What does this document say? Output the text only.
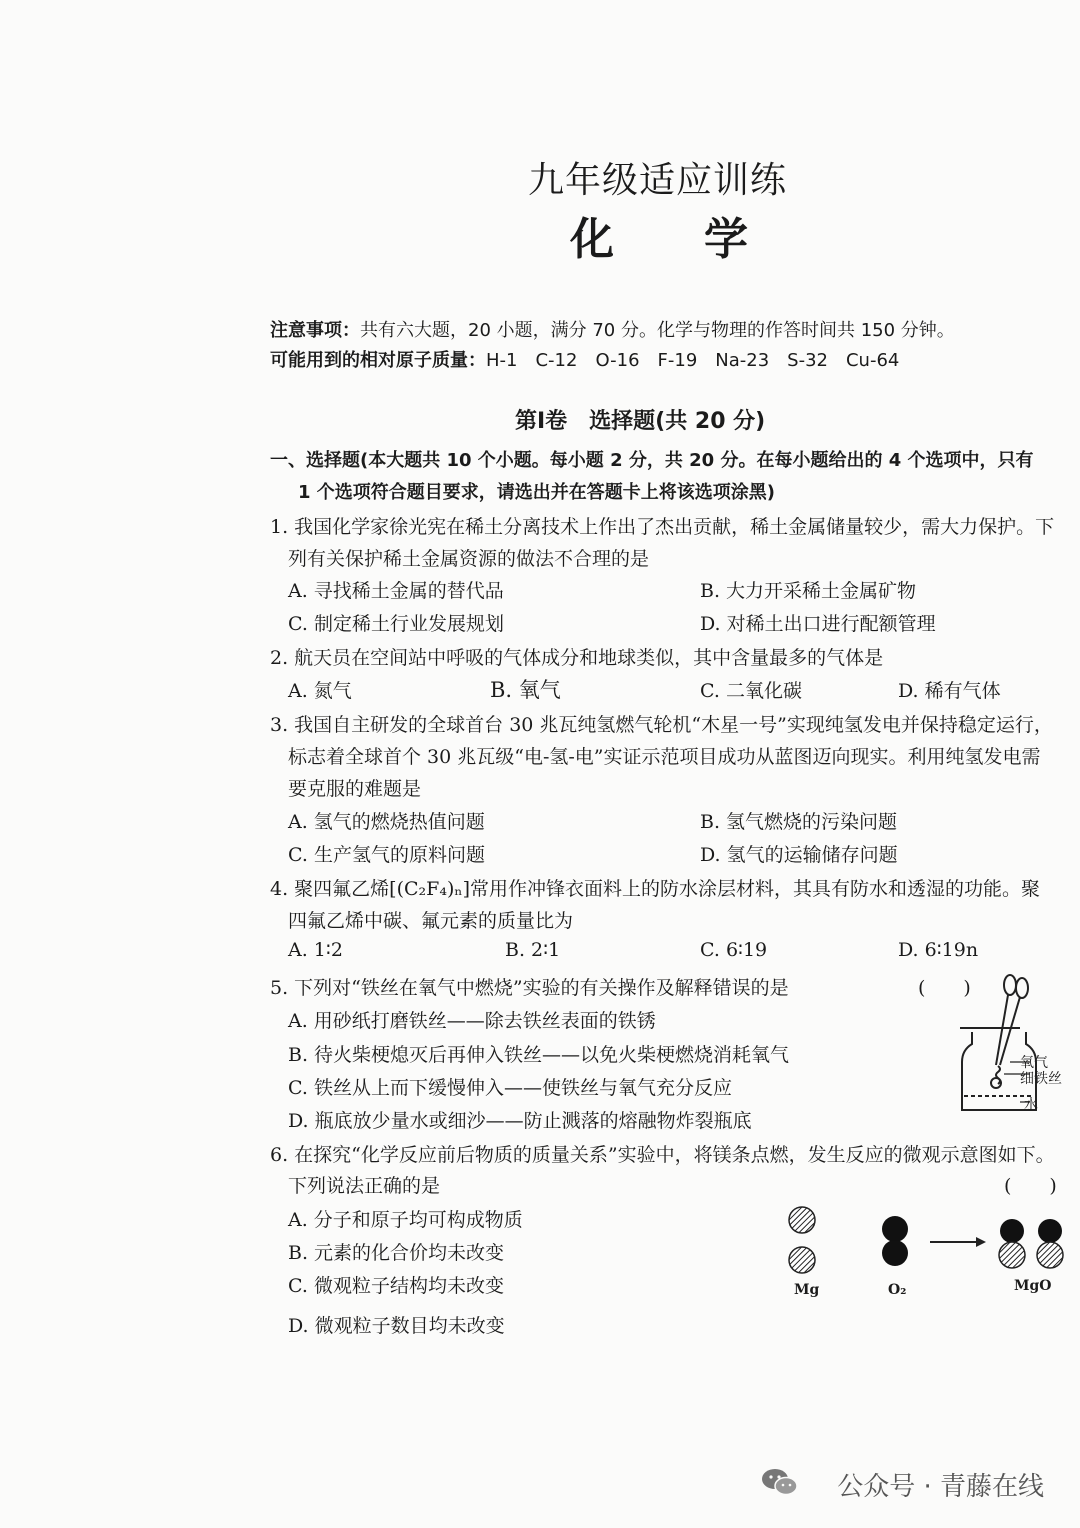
九年级适应训练
化学
注意事项：共有六大题，20 小题，满分 70 分。化学与物理的作答时间共 150 分钟。
可能用到的相对原子质量：H-1　C-12　O-16　F-19　Na-23　S-32　Cu-64
第Ⅰ卷　选择题(共 20 分)
一、选择题(本大题共 10 个小题。每小题 2 分，共 20 分。在每小题给出的 4 个选项中，只有
1 个选项符合题目要求，请选出并在答题卡上将该选项涂黑)
1. 我国化学家徐光宪在稀土分离技术上作出了杰出贡献，稀土金属储量较少，需大力保护。下
列有关保护稀土金属资源的做法不合理的是
A. 寻找稀土金属的替代品	B. 大力开采稀土金属矿物
C. 制定稀土行业发展规划	D. 对稀土出口进行配额管理
2. 航天员在空间站中呼吸的气体成分和地球类似，其中含量最多的气体是
A. 氮气	B. 氧气	C. 二氧化碳	D. 稀有气体
3. 我国自主研发的全球首台 30 兆瓦纯氢燃气轮机“木星一号”实现纯氢发电并保持稳定运行，
标志着全球首个 30 兆瓦级“电-氢-电”实证示范项目成功从蓝图迈向现实。利用纯氢发电需
要克服的难题是
A. 氢气的燃烧热值问题	B. 氢气燃烧的污染问题
C. 生产氢气的原料问题	D. 氢气的运输储存问题
4. 聚四氟乙烯[(C₂F₄)ₙ]常用作冲锋衣面料上的防水涂层材料，其具有防水和透湿的功能。聚
四氟乙烯中碳、氟元素的质量比为
A. 1∶2	B. 2∶1	C. 6∶19	D. 6∶19n
5. 下列对“铁丝在氧气中燃烧”实验的有关操作及解释错误的是	(　　)
A. 用砂纸打磨铁丝——除去铁丝表面的铁锈
B. 待火柴梗熄灭后再伸入铁丝——以免火柴梗燃烧消耗氧气
C. 铁丝从上而下缓慢伸入——使铁丝与氧气充分反应
D. 瓶底放少量水或细沙——防止溅落的熔融物炸裂瓶底
氧气
细铁丝
水
6. 在探究“化学反应前后物质的质量关系”实验中，将镁条点燃，发生反应的微观示意图如下。
下列说法正确的是	(　　)
A. 分子和原子均可构成物质
B. 元素的化合价均未改变
C. 微观粒子结构均未改变
D. 微观粒子数目均未改变
Mg	O₂	MgO
公众号 · 青藤在线
